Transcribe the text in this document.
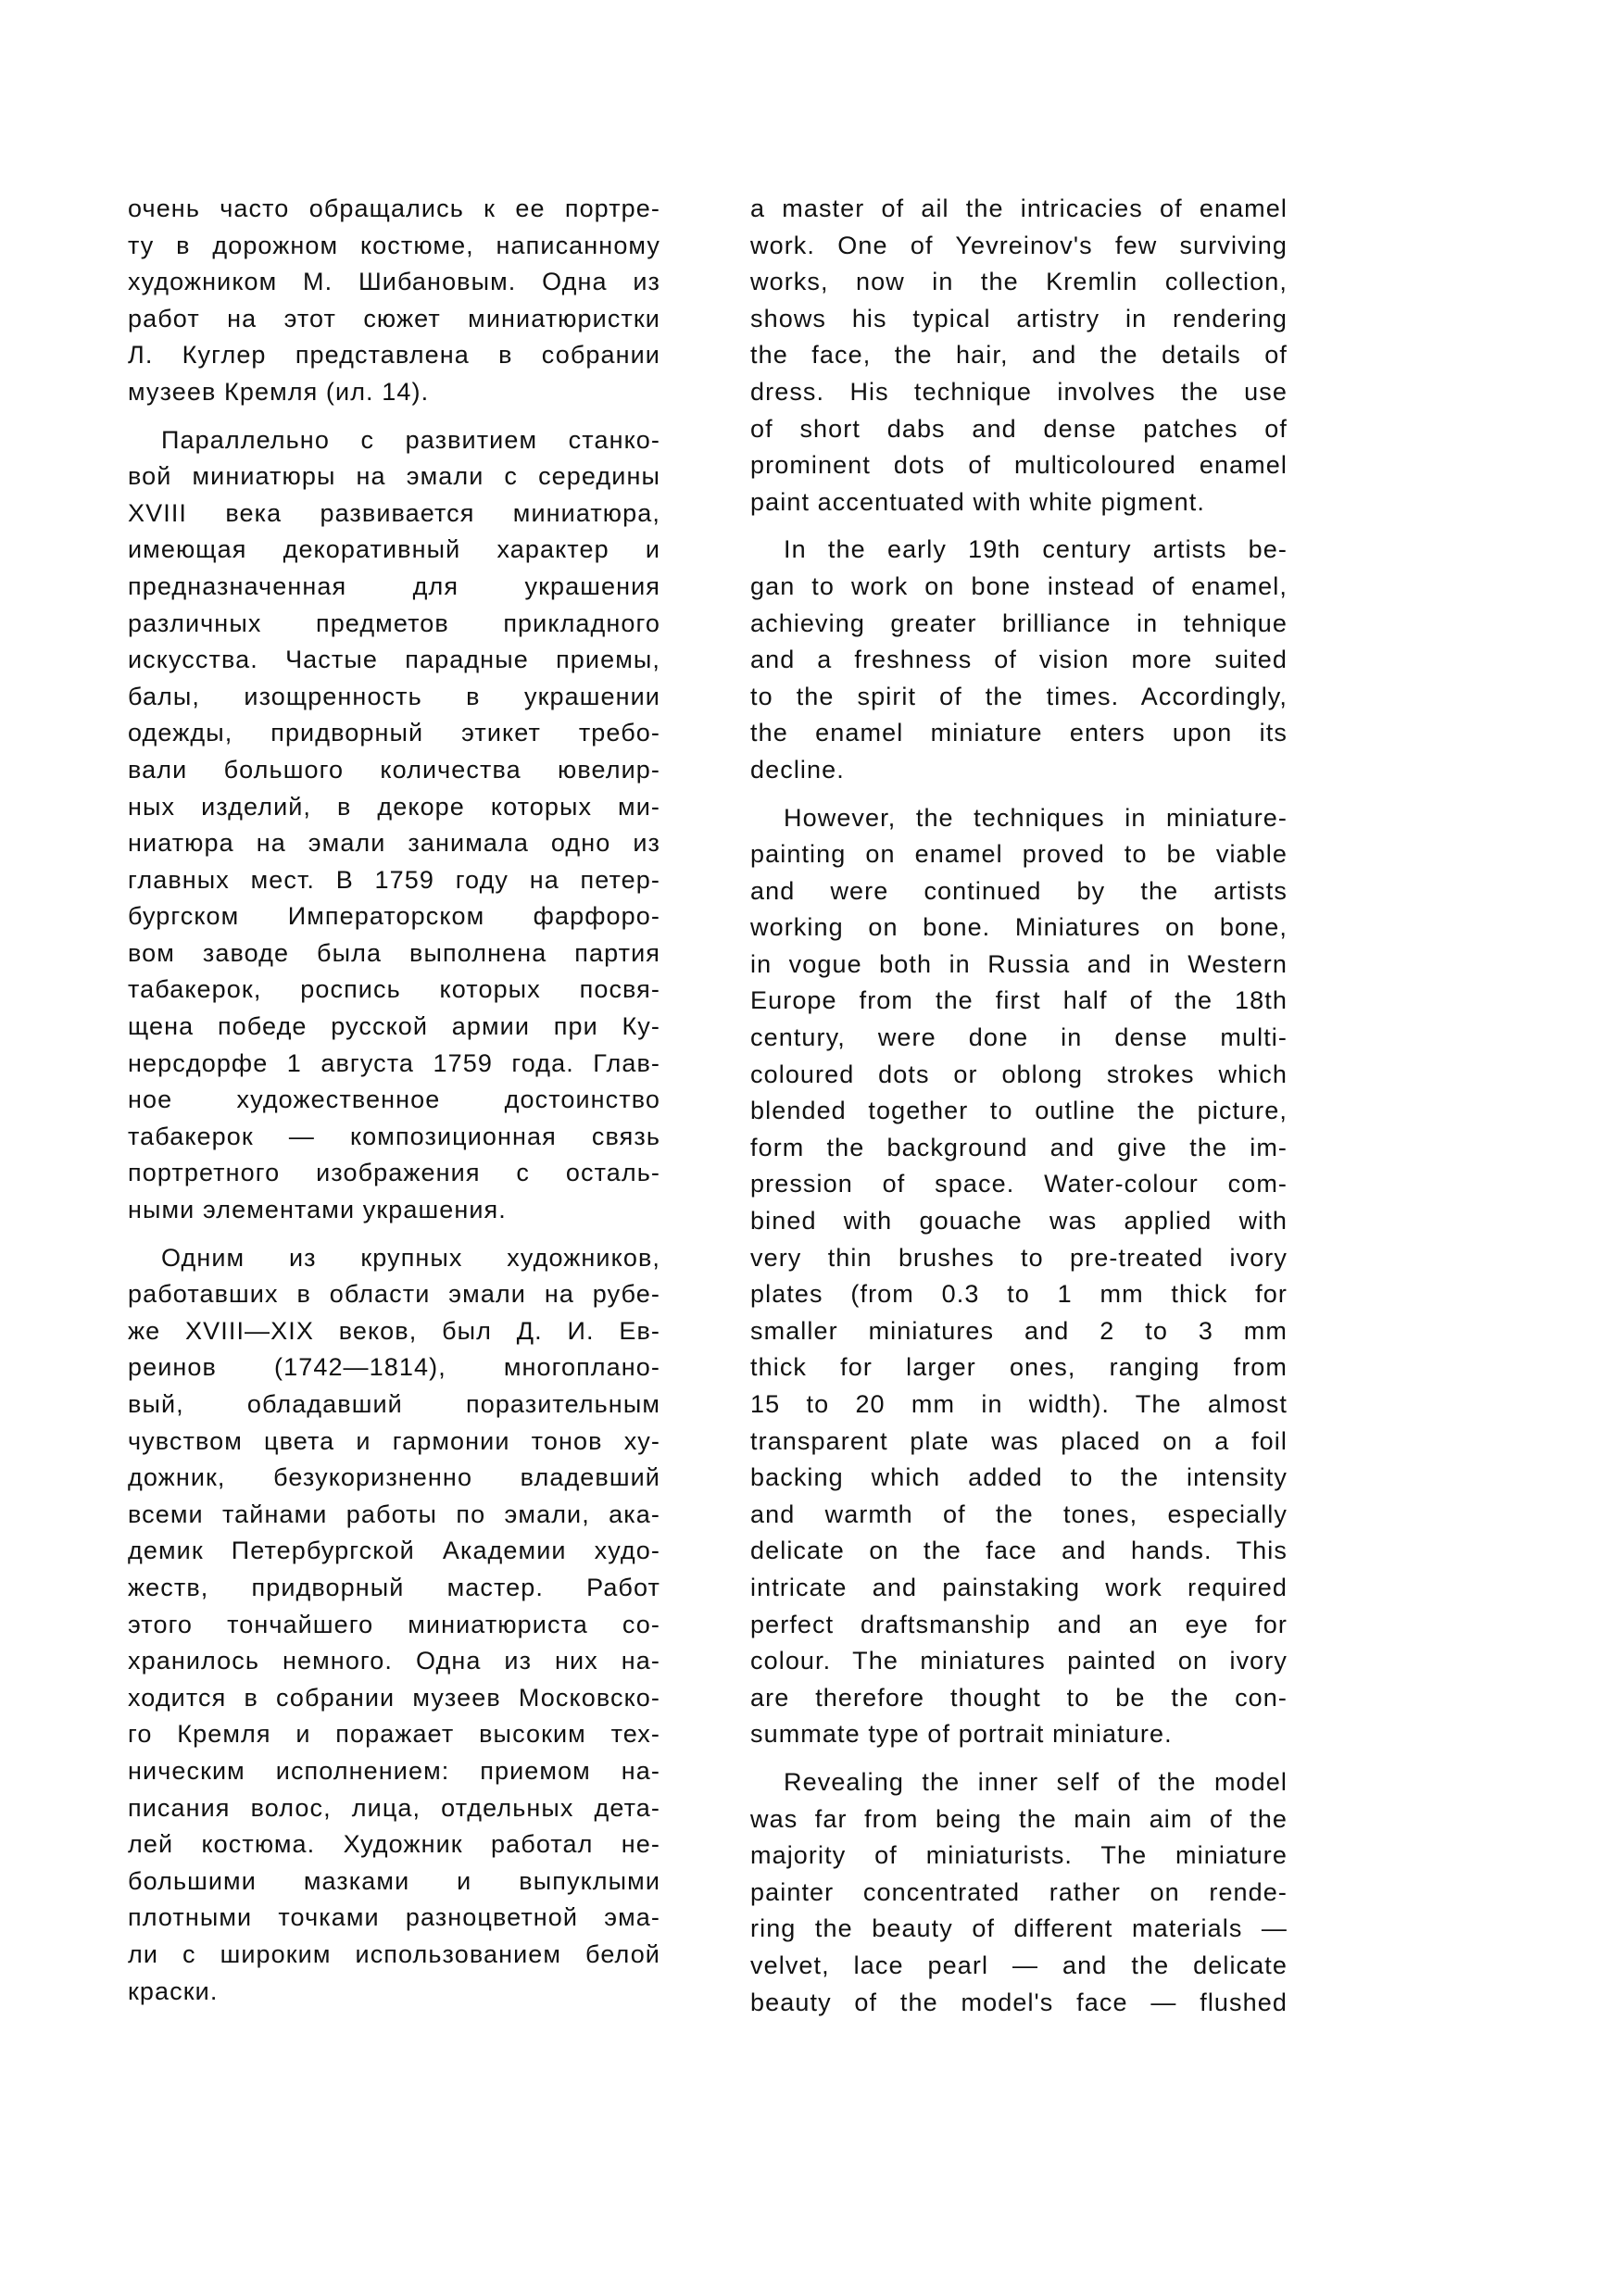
очень часто обращались к ее портре-
ту в дорожном костюме, написанному
художником М. Шибановым. Одна из
работ на этот сюжет миниатюристки
Л. Куглер представлена в собрании
музеев Кремля (ил. 14).
Параллельно с развитием станко-
вой миниатюры на эмали с середины
XVIII века развивается миниатюра,
имеющая декоративный характер и
предназначенная для украшения
различных предметов прикладного
искусства. Частые парадные приемы,
балы, изощренность в украшении
одежды, придворный этикет требо-
вали большого количества ювелир-
ных изделий, в декоре которых ми-
ниатюра на эмали занимала одно из
главных мест. В 1759 году на петер-
бургском Императорском фарфоро-
вом заводе была выполнена партия
табакерок, роспись которых посвя-
щена победе русской армии при Ку-
нерсдорфе 1 августа 1759 года. Глав-
ное художественное достоинство
табакерок — композиционная связь
портретного изображения с осталь-
ными элементами украшения.
Одним из крупных художников,
работавших в области эмали на рубе-
же XVIII—XIX веков, был Д. И. Ев-
реинов (1742—1814), многоплано-
вый, обладавший поразительным
чувством цвета и гармонии тонов ху-
дожник, безукоризненно владевший
всеми тайнами работы по эмали, ака-
демик Петербургской Академии худо-
жеств, придворный мастер. Работ
этого тончайшего миниатюриста со-
хранилось немного. Одна из них на-
ходится в собрании музеев Московско-
го Кремля и поражает высоким тех-
ническим исполнением: приемом на-
писания волос, лица, отдельных дета-
лей костюма. Художник работал не-
большими мазками и выпуклыми
плотными точками разноцветной эма-
ли с широким использованием белой
краски.
a master of ail the intricacies of enamel
work. One of Yevreinov's few surviving
works, now in the Kremlin collection,
shows his typical artistry in rendering
the face, the hair, and the details of
dress. His technique involves the use
of short dabs and dense patches of
prominent dots of multicoloured enamel
paint accentuated with white pigment.
In the early 19th century artists be-
gan to work on bone instead of enamel,
achieving greater brilliance in tehnique
and a freshness of vision more suited
to the spirit of the times. Accordingly,
the enamel miniature enters upon its
decline.
However, the techniques in miniature-
painting on enamel proved to be viable
and were continued by the artists
working on bone. Miniatures on bone,
in vogue both in Russia and in Western
Europe from the first half of the 18th
century, were done in dense multi-
coloured dots or oblong strokes which
blended together to outline the picture,
form the background and give the im-
pression of space. Water-colour com-
bined with gouache was applied with
very thin brushes to pre-treated ivory
plates (from 0.3 to 1 mm thick for
smaller miniatures and 2 to 3 mm
thick for larger ones, ranging from
15 to 20 mm in width). The almost
transparent plate was placed on a foil
backing which added to the intensity
and warmth of the tones, especially
delicate on the face and hands. This
intricate and painstaking work required
perfect draftsmanship and an eye for
colour. The miniatures painted on ivory
are therefore thought to be the con-
summate type of portrait miniature.
Revealing the inner self of the model
was far from being the main aim of the
majority of miniaturists. The miniature
painter concentrated rather on rende-
ring the beauty of different materials —
velvet, lace pearl — and the delicate
beauty of the model's face — flushed
